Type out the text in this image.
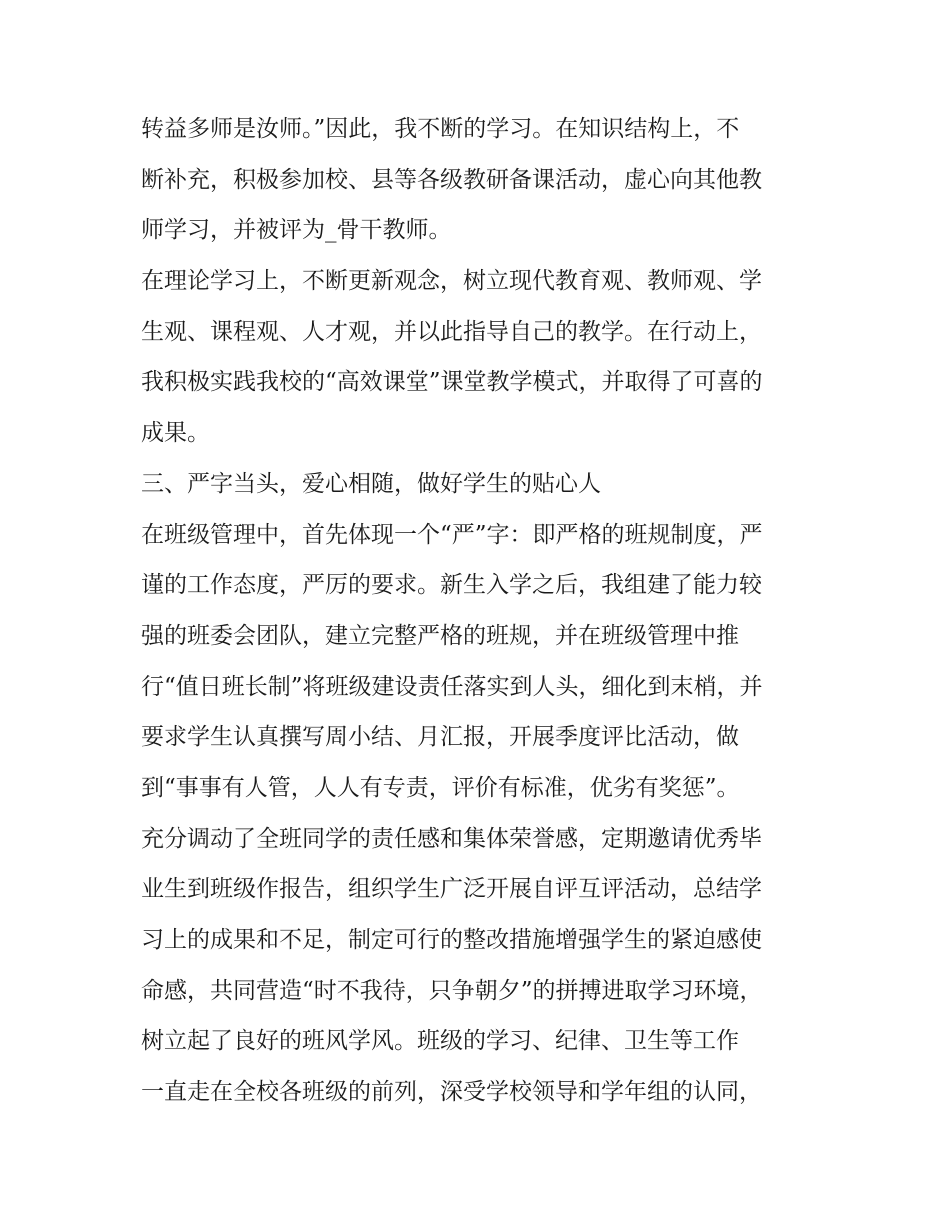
转益多师是汝师。”因此，我不断的学习。在知识结构上，不
断补充，积极参加校、县等各级教研备课活动，虚心向其他教
师学习，并被评为_骨干教师。
在理论学习上，不断更新观念，树立现代教育观、教师观、学
生观、课程观、人才观，并以此指导自己的教学。在行动上，
我积极实践我校的“高效课堂”课堂教学模式，并取得了可喜的
成果。
三、严字当头，爱心相随，做好学生的贴心人
在班级管理中，首先体现一个“严”字：即严格的班规制度，严
谨的工作态度，严厉的要求。新生入学之后，我组建了能力较
强的班委会团队，建立完整严格的班规，并在班级管理中推
行“值日班长制”将班级建设责任落实到人头，细化到末梢，并
要求学生认真撰写周小结、月汇报，开展季度评比活动，做
到“事事有人管，人人有专责，评价有标准，优劣有奖惩”。
充分调动了全班同学的责任感和集体荣誉感，定期邀请优秀毕
业生到班级作报告，组织学生广泛开展自评互评活动，总结学
习上的成果和不足，制定可行的整改措施增强学生的紧迫感使
命感，共同营造“时不我待，只争朝夕”的拼搏进取学习环境，
树立起了良好的班风学风。班级的学习、纪律、卫生等工作
一直走在全校各班级的前列，深受学校领导和学年组的认同，
